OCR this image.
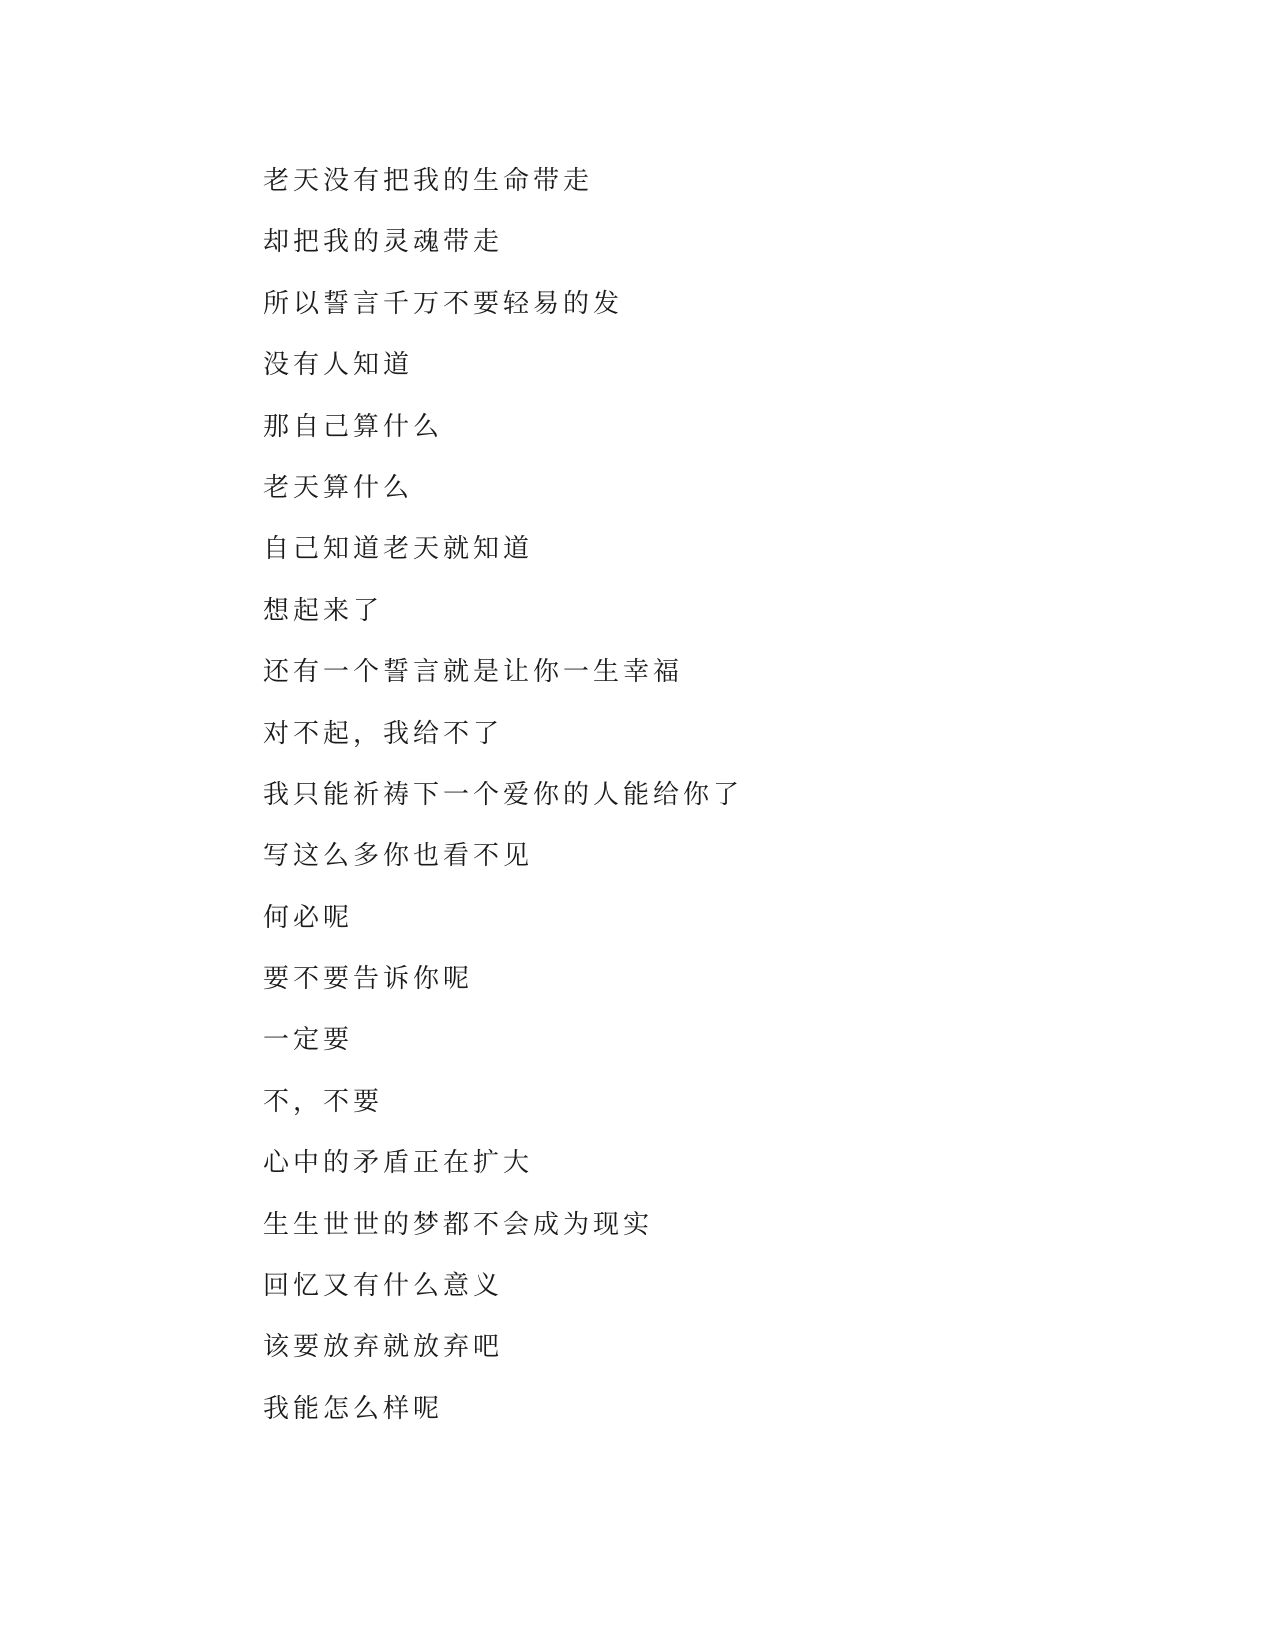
老天没有把我的生命带走
却把我的灵魂带走
所以誓言千万不要轻易的发
没有人知道
那自己算什么
老天算什么
自己知道老天就知道
想起来了
还有一个誓言就是让你一生幸福
对不起，我给不了
我只能祈祷下一个爱你的人能给你了
写这么多你也看不见
何必呢
要不要告诉你呢
一定要
不，不要
心中的矛盾正在扩大
生生世世的梦都不会成为现实
回忆又有什么意义
该要放弃就放弃吧
我能怎么样呢
